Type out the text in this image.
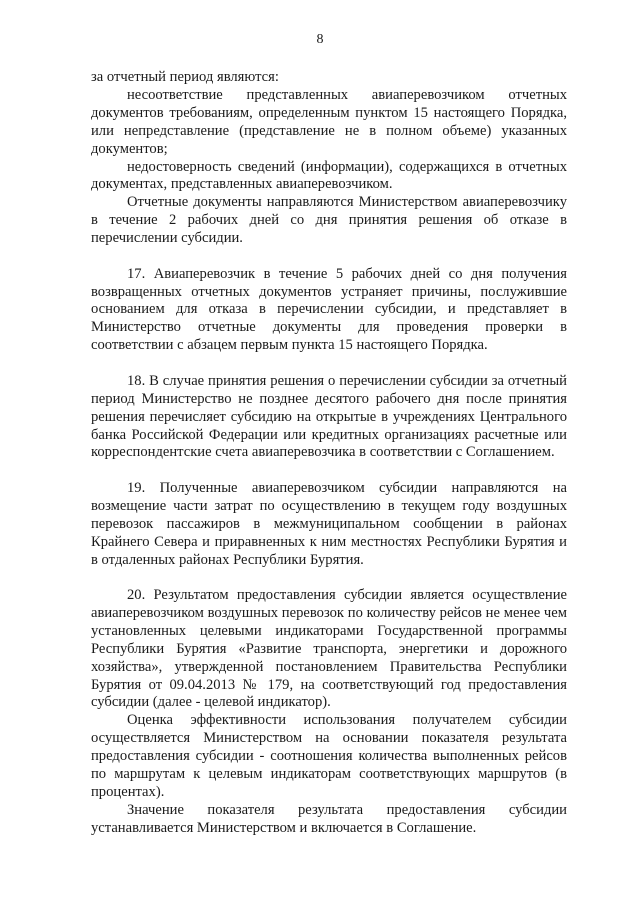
8

за отчетный период являются:

несоответствие представленных авиаперевозчиком отчетных документов требованиям, определенным пунктом 15 настоящего Порядка, или непредставление (представление не в полном объеме) указанных документов;

недостоверность сведений (информации), содержащихся в отчетных документах, представленных авиаперевозчиком.

Отчетные документы направляются Министерством авиаперевозчику в течение 2 рабочих дней со дня принятия решения об отказе в перечислении субсидии.

17. Авиаперевозчик в течение 5 рабочих дней со дня получения возвращенных отчетных документов устраняет причины, послужившие основанием для отказа в перечислении субсидии, и представляет в Министерство отчетные документы для проведения проверки в соответствии с абзацем первым пункта 15 настоящего Порядка.

18. В случае принятия решения о перечислении субсидии за отчетный период Министерство не позднее десятого рабочего дня после принятия решения перечисляет субсидию на открытые в учреждениях Центрального банка Российской Федерации или кредитных организациях расчетные или корреспондентские счета авиаперевозчика в соответствии с Соглашением.

19. Полученные авиаперевозчиком субсидии направляются на возмещение части затрат по осуществлению в текущем году воздушных перевозок пассажиров в межмуниципальном сообщении в районах Крайнего Севера и приравненных к ним местностях Республики Бурятия и в отдаленных районах Республики Бурятия.

20. Результатом предоставления субсидии является осуществление авиаперевозчиком воздушных перевозок по количеству рейсов не менее чем установленных целевыми индикаторами Государственной программы Республики Бурятия «Развитие транспорта, энергетики и дорожного хозяйства», утвержденной постановлением Правительства Республики Бурятия от 09.04.2013 № 179, на соответствующий год предоставления субсидии (далее - целевой индикатор).

Оценка эффективности использования получателем субсидии осуществляется Министерством на основании показателя результата предоставления субсидии - соотношения количества выполненных рейсов по маршрутам к целевым индикаторам соответствующих маршрутов (в процентах).

Значение показателя результата предоставления субсидии устанавливается Министерством и включается в Соглашение.
